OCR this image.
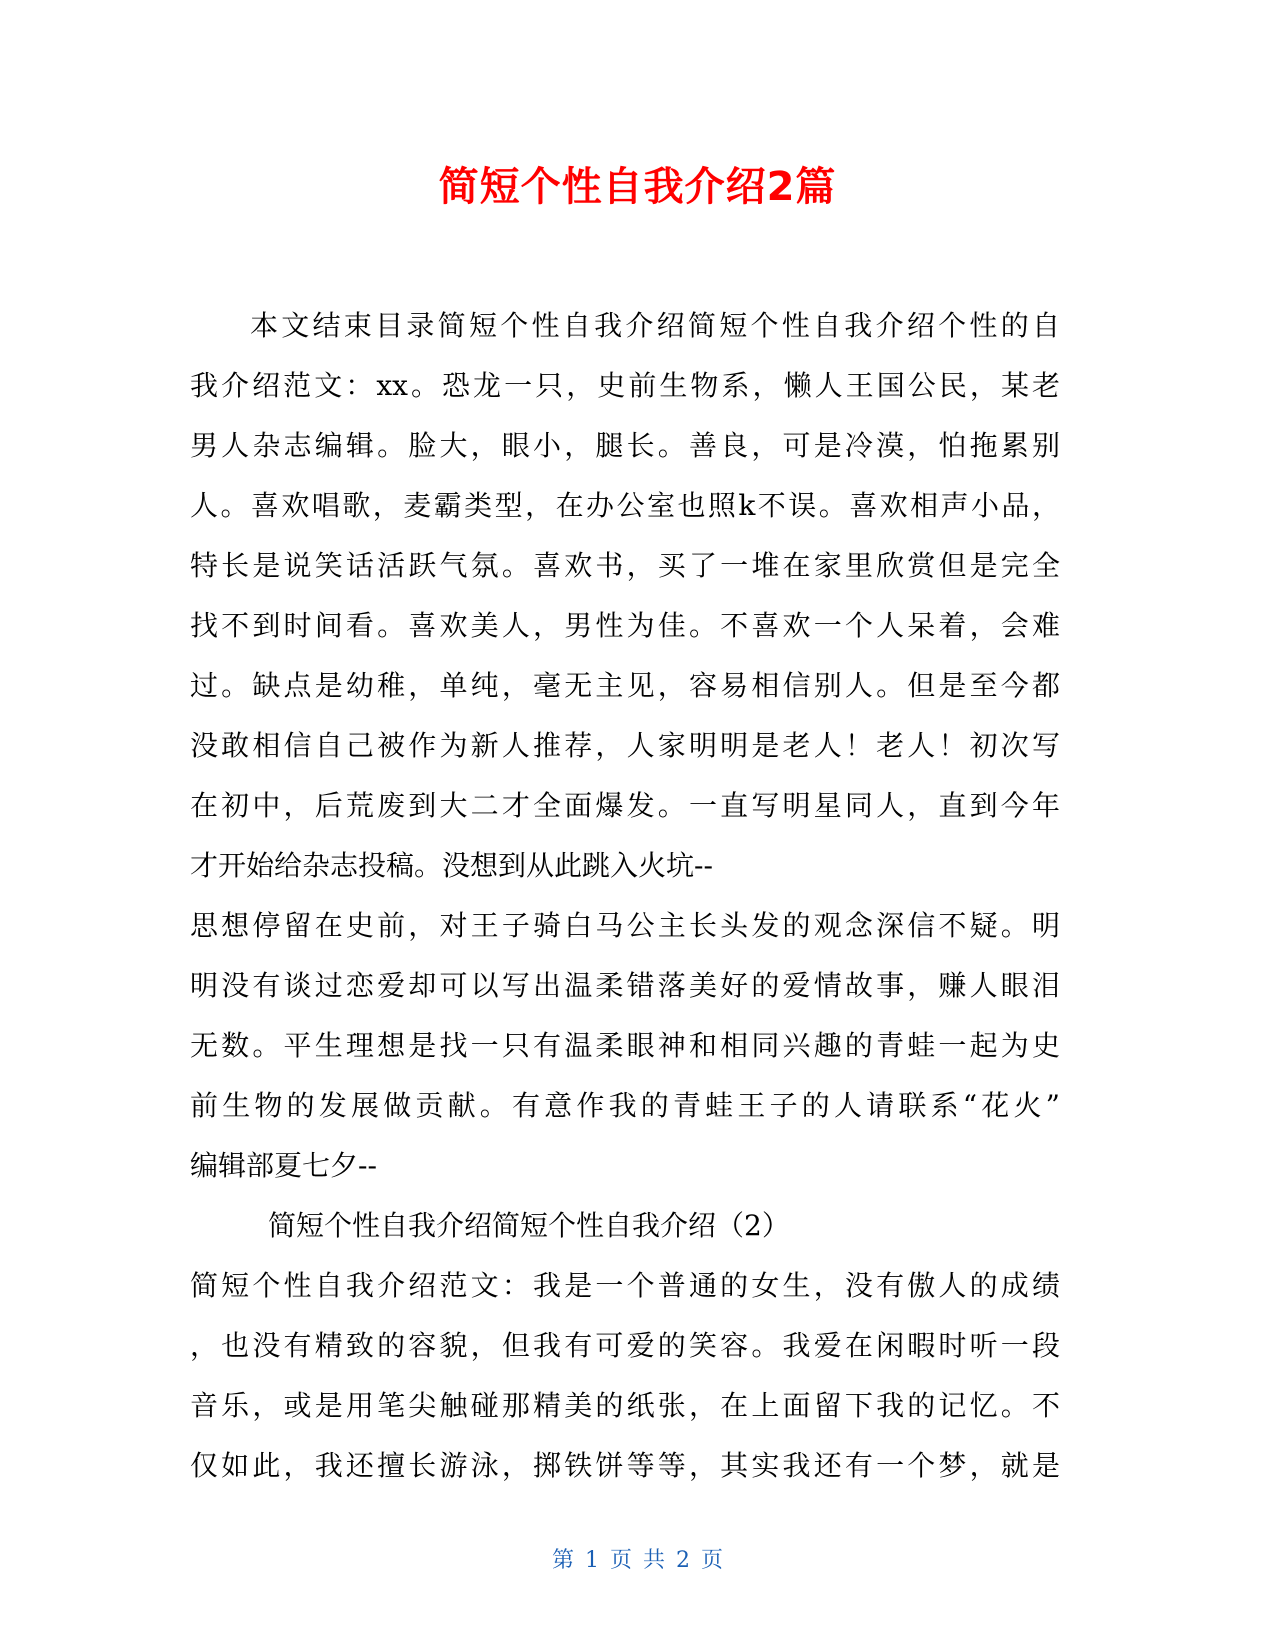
简短个性自我介绍2篇
本文结束目录简短个性自我介绍简短个性自我介绍个性的自
我介绍范文：xx。恐龙一只，史前生物系，懒人王国公民，某老
男人杂志编辑。脸大，眼小，腿长。善良，可是冷漠，怕拖累别
人。喜欢唱歌，麦霸类型，在办公室也照k不误。喜欢相声小品，
特长是说笑话活跃气氛。喜欢书，买了一堆在家里欣赏但是完全
找不到时间看。喜欢美人，男性为佳。不喜欢一个人呆着，会难
过。缺点是幼稚，单纯，毫无主见，容易相信别人。但是至今都
没敢相信自己被作为新人推荐，人家明明是老人！老人！初次写
在初中，后荒废到大二才全面爆发。一直写明星同人，直到今年
才开始给杂志投稿。没想到从此跳入火坑--
思想停留在史前，对王子骑白马公主长头发的观念深信不疑。明
明没有谈过恋爱却可以写出温柔错落美好的爱情故事，赚人眼泪
无数。平生理想是找一只有温柔眼神和相同兴趣的青蛙一起为史
前生物的发展做贡献。有意作我的青蛙王子的人请联系“花火”
编辑部夏七夕--
简短个性自我介绍简短个性自我介绍（2）
简短个性自我介绍范文：我是一个普通的女生，没有傲人的成绩
，也没有精致的容貌，但我有可爱的笑容。我爱在闲暇时听一段
音乐，或是用笔尖触碰那精美的纸张，在上面留下我的记忆。不
仅如此，我还擅长游泳，掷铁饼等等，其实我还有一个梦，就是
第 1 页 共 2 页
